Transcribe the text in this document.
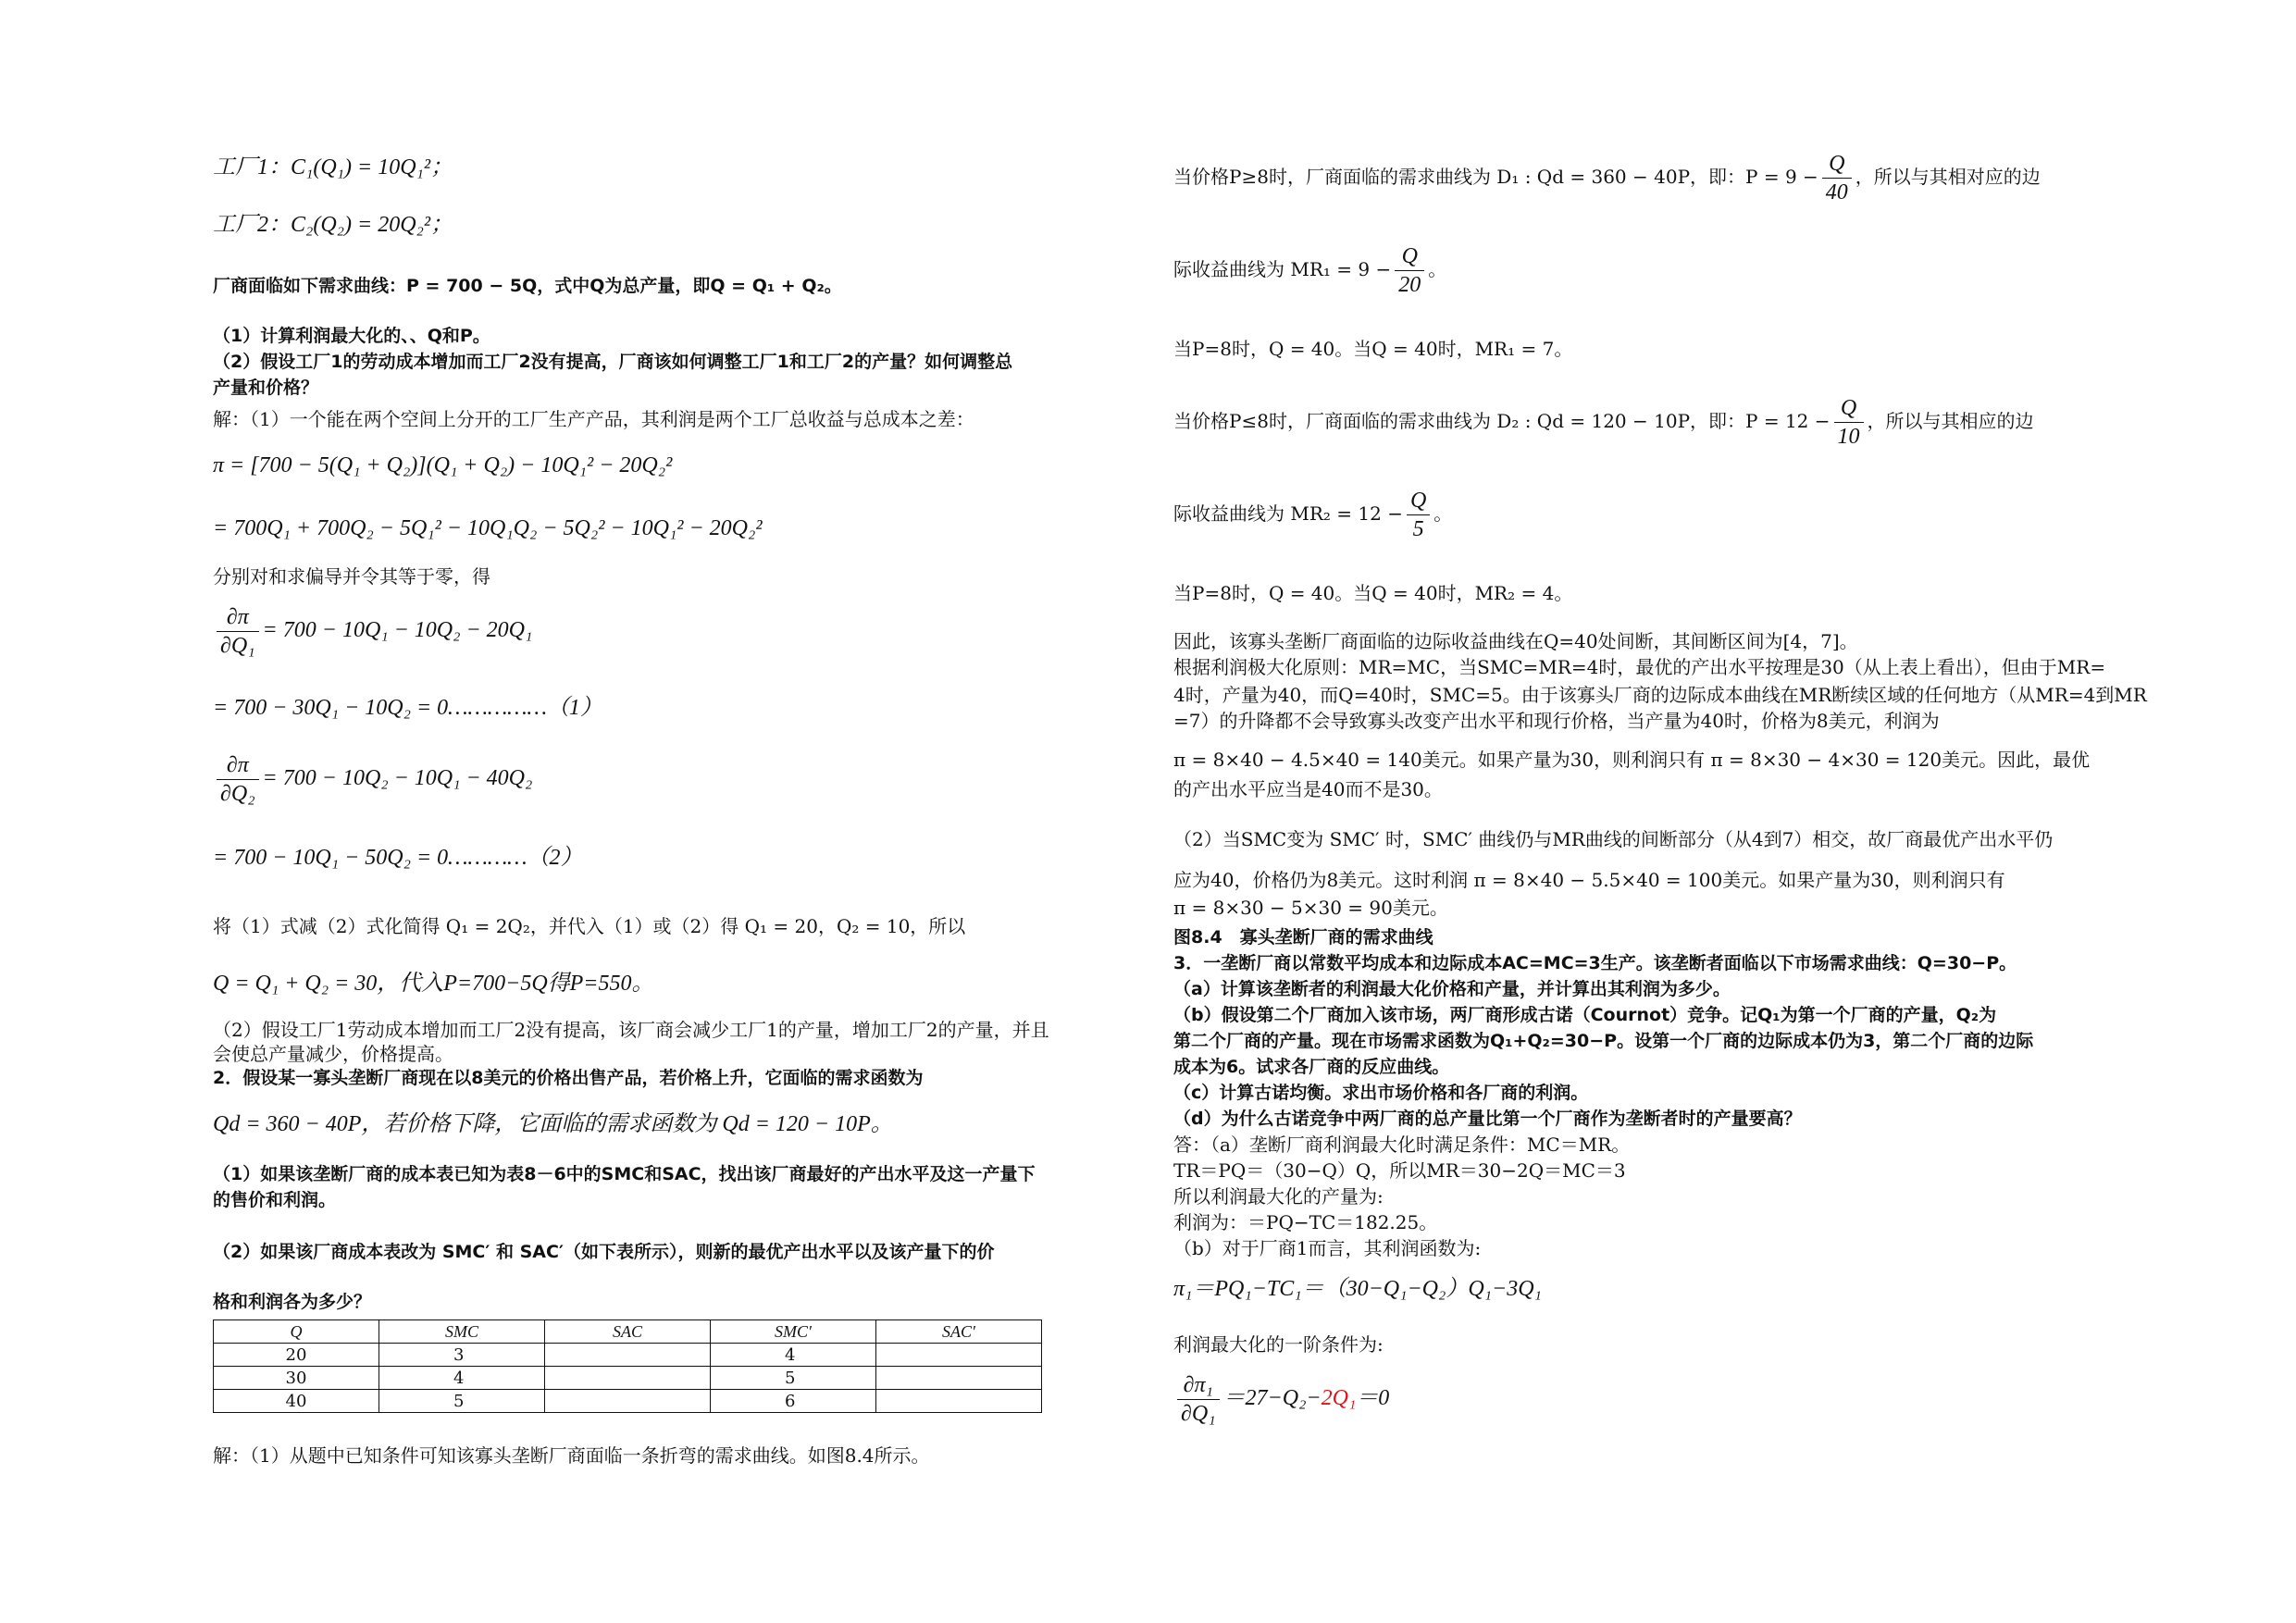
工厂1：C₁(Q₁) = 10Q₁²；
工厂2：C₂(Q₂) = 20Q₂²；
厂商面临如下需求曲线：P = 700 − 5Q，式中Q为总产量，即Q = Q₁ + Q₂。
（1）计算利润最大化的、、Q和P。
（2）假设工厂1的劳动成本增加而工厂2没有提高，厂商该如何调整工厂1和工厂2的产量？如何调整总
产量和价格？
解：（1）一个能在两个空间上分开的工厂生产产品，其利润是两个工厂总收益与总成本之差：
π = [700 − 5(Q₁ + Q₂)](Q₁ + Q₂) − 10Q₁² − 20Q₂²
= 700Q₁ + 700Q₂ − 5Q₁² − 10Q₁Q₂ − 5Q₂² − 10Q₁² − 20Q₂²
分别对和求偏导并令其等于零，得
$\frac{\partial\pi}{\text{∂Q₁}} = 700 - 10Q_1 - 10Q_2 - 20Q_1$
= 700 − 30Q₁ − 10Q₂ = 0……………（1）
$\frac{\partial\pi}{\text{∂Q₂}} = 700 - 10Q_2 - 10Q_1 - 40Q_2$
= 700 − 10Q₁ − 50Q₂ = 0…………（2）
将（1）式减（2）式化简得 Q₁ = 2Q₂，并代入（1）或（2）得 Q₁ = 20，Q₂ = 10，所以
Q = Q₁ + Q₂ = 30，代入P=700−5Q得P=550。
（2）假设工厂1劳动成本增加而工厂2没有提高，该厂商会减少工厂1的产量，增加工厂2的产量，并且
会使总产量减少，价格提高。
2．假设某一寡头垄断厂商现在以8美元的价格出售产品，若价格上升，它面临的需求函数为
Qd = 360 − 40P，若价格下降，它面临的需求函数为 Qd = 120 − 10P。
（1）如果该垄断厂商的成本表已知为表8－6中的SMC和SAC，找出该厂商最好的产出水平及这一产量下
的售价和利润。
（2）如果该厂商成本表改为 SMC′ 和 SAC′（如下表所示），则新的最优产出水平以及该产量下的价
格和利润各为多少？
Q	SMC	SAC	SMC′	SAC′
20	3		4	
30	4		5	
40	5		6	
解：（1）从题中已知条件可知该寡头垄断厂商面临一条折弯的需求曲线。如图8.4所示。
当价格P≥8时，厂商面临的需求曲线为 D₁ : Qd = 360 − 40P，即：$P = 9 - \frac{Q}{40}$ ，所以与其相对应的边
际收益曲线为 $MR_1 = 9 - \frac{Q}{20}$ 。
当P=8时，Q = 40。当Q = 40时，MR₁ = 7。
当价格P≤8时，厂商面临的需求曲线为 D₂ : Qd = 120 − 10P，即：$P = 12 - \frac{Q}{10}$ ，所以与其相应的边
际收益曲线为 $MR_2 = 12 - \frac{Q}{5}$ 。
当P=8时，Q = 40。当Q = 40时，MR₂ = 4。
因此，该寡头垄断厂商面临的边际收益曲线在Q=40处间断，其间断区间为[4，7]。
根据利润极大化原则：MR=MC，当SMC=MR=4时，最优的产出水平按理是30（从上表上看出），但由于MR=
4时，产量为40，而Q=40时，SMC=5。由于该寡头厂商的边际成本曲线在MR断续区域的任何地方（从MR=4到MR
=7）的升降都不会导致寡头改变产出水平和现行价格，当产量为40时，价格为8美元，利润为
π = 8×40 − 4.5×40 = 140美元。如果产量为30，则利润只有 π = 8×30 − 4×30 = 120美元。因此，最优
的产出水平应当是40而不是30。
（2）当SMC变为 SMC′ 时，SMC′ 曲线仍与MR曲线的间断部分（从4到7）相交，故厂商最优产出水平仍
应为40，价格仍为8美元。这时利润 π = 8×40 − 5.5×40 = 100美元。如果产量为30，则利润只有
π = 8×30 − 5×30 = 90美元。
图8.4　寡头垄断厂商的需求曲线
3．一垄断厂商以常数平均成本和边际成本AC=MC=3生产。该垄断者面临以下市场需求曲线：Q=30−P。
（a）计算该垄断者的利润最大化价格和产量，并计算出其利润为多少。
（b）假设第二个厂商加入该市场，两厂商形成古诺（Cournot）竞争。记Q₁为第一个厂商的产量，Q₂为
第二个厂商的产量。现在市场需求函数为Q₁+Q₂=30−P。设第一个厂商的边际成本仍为3，第二个厂商的边际
成本为6。试求各厂商的反应曲线。
（c）计算古诺均衡。求出市场价格和各厂商的利润。
（d）为什么古诺竞争中两厂商的总产量比第一个厂商作为垄断者时的产量要高？
答：（a）垄断厂商利润最大化时满足条件：MC＝MR。
TR＝PQ＝（30−Q）Q，所以MR＝30−2Q＝MC＝3
所以利润最大化的产量为:
利润为：＝PQ−TC＝182.25。
（b）对于厂商1而言，其利润函数为:
π₁＝PQ₁−TC₁＝（30−Q₁−Q₂）Q₁−3Q₁
利润最大化的一阶条件为:
$\frac{\text{∂π₁}}{\text{∂Q₁}} =27-Q_2-2Q_1=0$
